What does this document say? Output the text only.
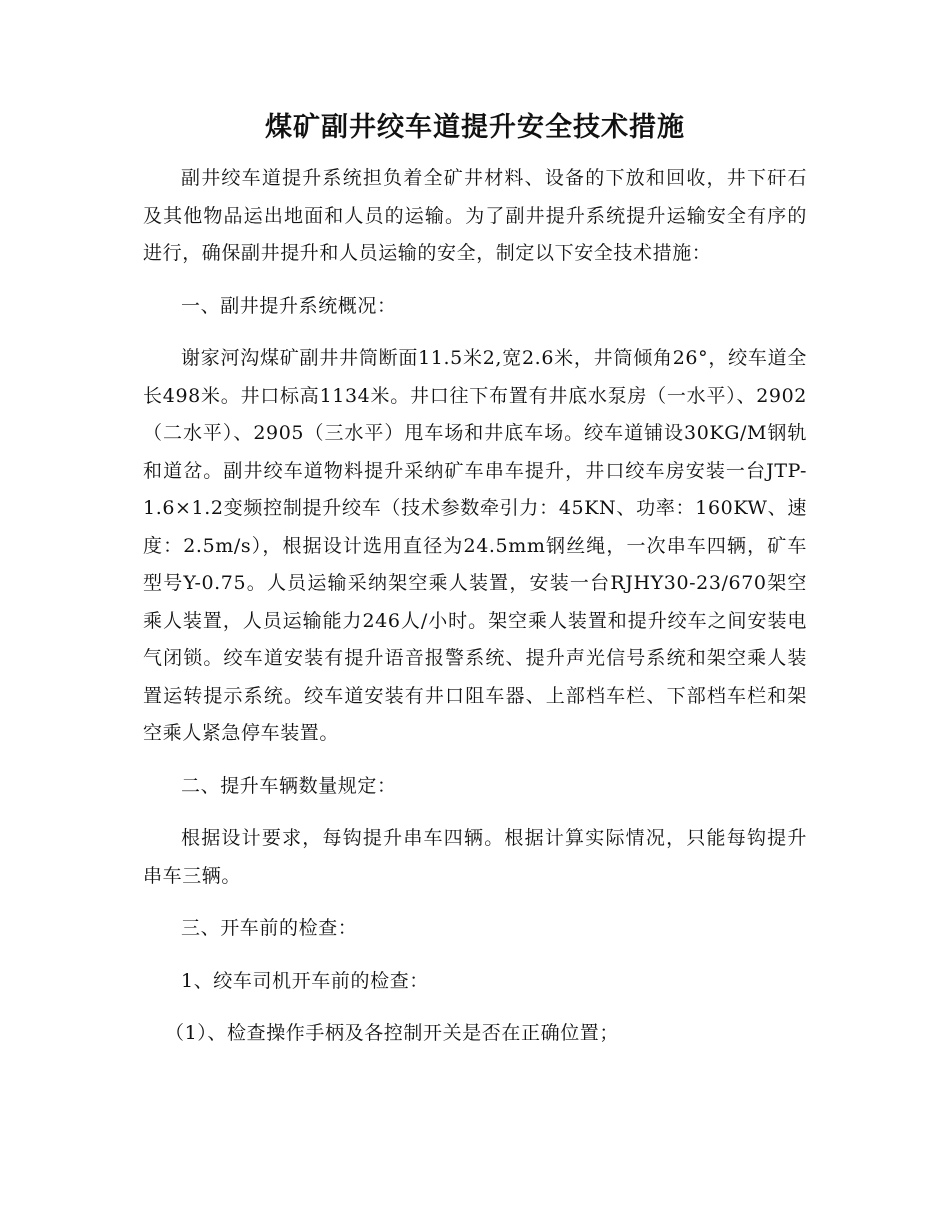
煤矿副井绞车道提升安全技术措施

副井绞车道提升系统担负着全矿井材料、设备的下放和回收，井下矸石及其他物品运出地面和人员的运输。为了副井提升系统提升运输安全有序的进行，确保副井提升和人员运输的安全，制定以下安全技术措施：

一、副井提升系统概况：

谢家河沟煤矿副井井筒断面11.5米2,宽2.6米，井筒倾角26°，绞车道全长498米。井口标高1134米。井口往下布置有井底水泵房（一水平）、2902（二水平）、2905（三水平）甩车场和井底车场。绞车道铺设30KG/M钢轨和道岔。副井绞车道物料提升采纳矿车串车提升，井口绞车房安装一台JTP-1.6×1.2变频控制提升绞车（技术参数牵引力：45KN、功率：160KW、速度：2.5m/s），根据设计选用直径为24.5mm钢丝绳，一次串车四辆，矿车型号Y-0.75。人员运输采纳架空乘人装置，安装一台RJHY30-23/670架空乘人装置，人员运输能力246人/小时。架空乘人装置和提升绞车之间安装电气闭锁。绞车道安装有提升语音报警系统、提升声光信号系统和架空乘人装置运转提示系统。绞车道安装有井口阻车器、上部档车栏、下部档车栏和架空乘人紧急停车装置。

二、提升车辆数量规定：

根据设计要求，每钩提升串车四辆。根据计算实际情况，只能每钩提升串车三辆。

三、开车前的检查：

1、绞车司机开车前的检查：

（1）、检查操作手柄及各控制开关是否在正确位置；
